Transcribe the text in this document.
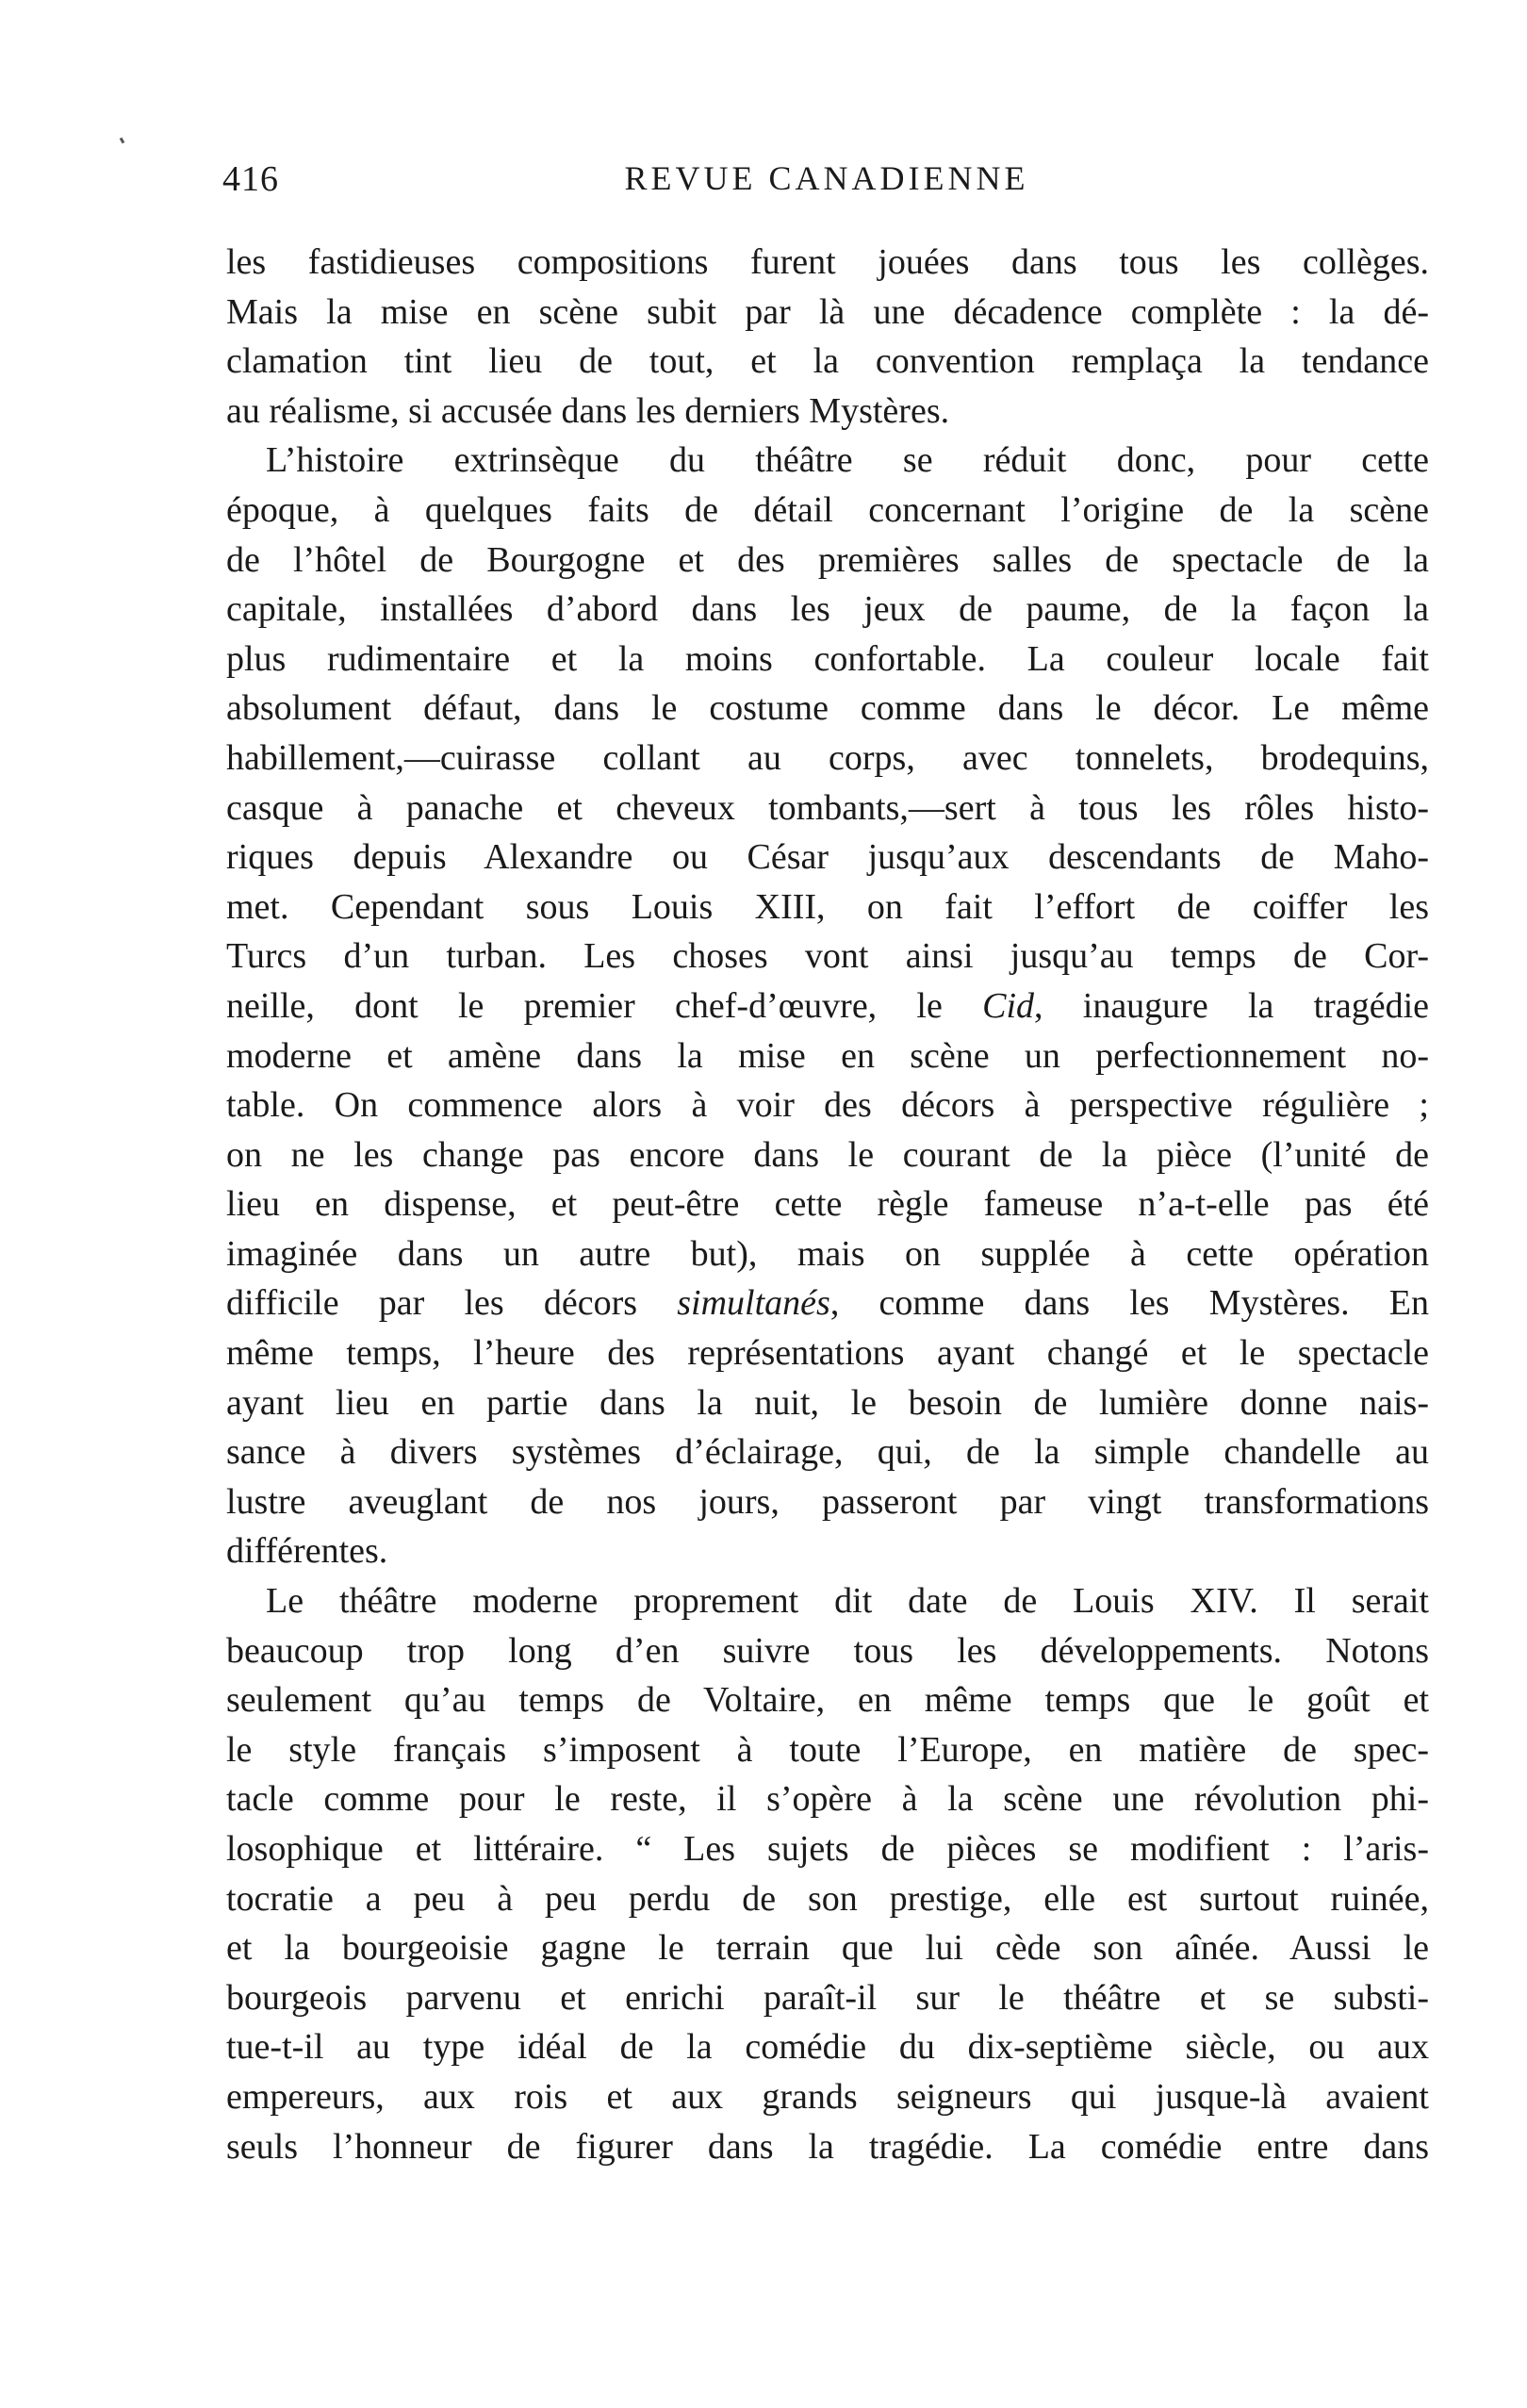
416	REVUE CANADIENNE
les fastidieuses compositions furent jouées dans tous les collèges.
Mais la mise en scène subit par là une décadence complète : la dé-
clamation tint lieu de tout, et la convention remplaça la tendance
au réalisme, si accusée dans les derniers Mystères.
L’histoire extrinsèque du théâtre se réduit donc, pour cette
époque, à quelques faits de détail concernant l’origine de la scène
de l’hôtel de Bourgogne et des premières salles de spectacle de la
capitale, installées d’abord dans les jeux de paume, de la façon la
plus rudimentaire et la moins confortable. La couleur locale fait
absolument défaut, dans le costume comme dans le décor. Le même
habillement,—cuirasse collant au corps, avec tonnelets, brodequins,
casque à panache et cheveux tombants,—sert à tous les rôles histo-
riques depuis Alexandre ou César jusqu’aux descendants de Maho-
met. Cependant sous Louis XIII, on fait l’effort de coiffer les
Turcs d’un turban. Les choses vont ainsi jusqu’au temps de Cor-
neille, dont le premier chef-d’œuvre, le Cid, inaugure la tragédie
moderne et amène dans la mise en scène un perfectionnement no-
table. On commence alors à voir des décors à perspective régulière ;
on ne les change pas encore dans le courant de la pièce (l’unité de
lieu en dispense, et peut-être cette règle fameuse n’a-t-elle pas été
imaginée dans un autre but), mais on supplée à cette opération
difficile par les décors simultanés, comme dans les Mystères. En
même temps, l’heure des représentations ayant changé et le spectacle
ayant lieu en partie dans la nuit, le besoin de lumière donne nais-
sance à divers systèmes d’éclairage, qui, de la simple chandelle au
lustre aveuglant de nos jours, passeront par vingt transformations
différentes.
Le théâtre moderne proprement dit date de Louis XIV. Il serait
beaucoup trop long d’en suivre tous les développements. Notons
seulement qu’au temps de Voltaire, en même temps que le goût et
le style français s’imposent à toute l’Europe, en matière de spec-
tacle comme pour le reste, il s’opère à la scène une révolution phi-
losophique et littéraire. “ Les sujets de pièces se modifient : l’aris-
tocratie a peu à peu perdu de son prestige, elle est surtout ruinée,
et la bourgeoisie gagne le terrain que lui cède son aînée. Aussi le
bourgeois parvenu et enrichi paraît-il sur le théâtre et se substi-
tue-t-il au type idéal de la comédie du dix-septième siècle, ou aux
empereurs, aux rois et aux grands seigneurs qui jusque-là avaient
seuls l’honneur de figurer dans la tragédie. La comédie entre dans
